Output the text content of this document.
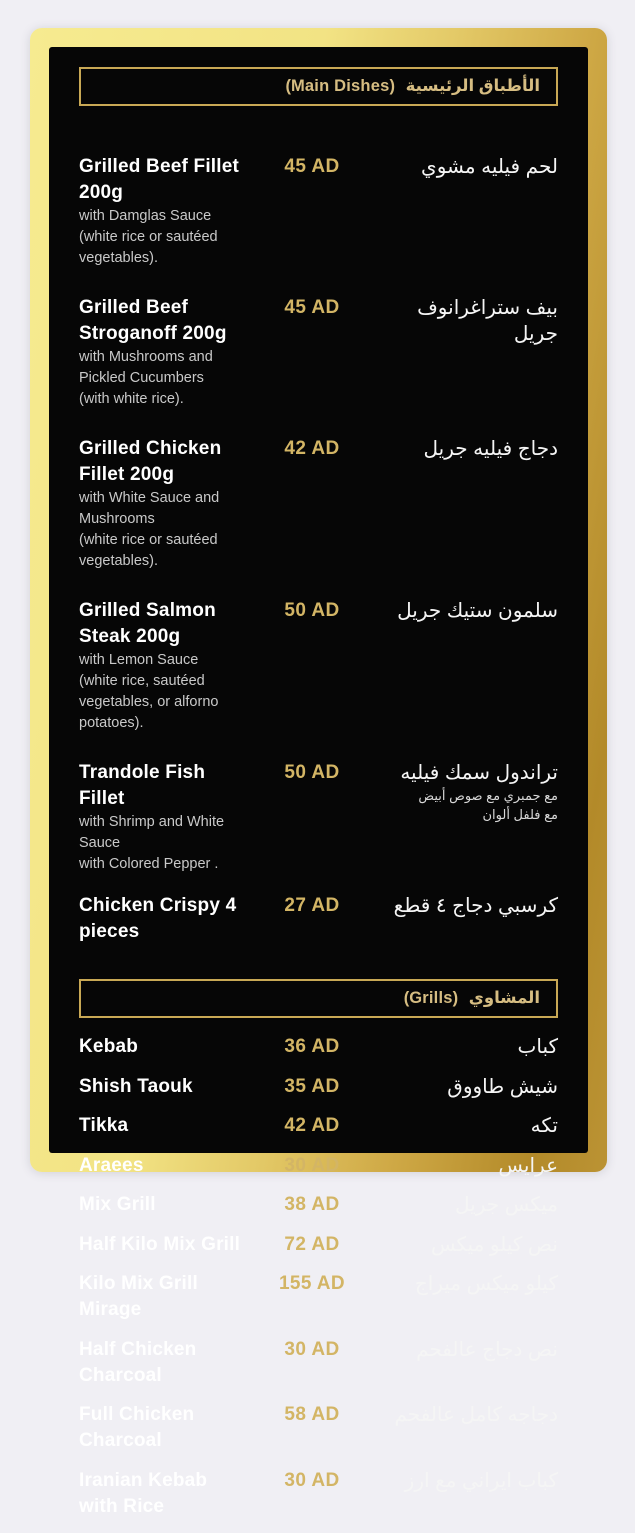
الأطباق الرئيسية (Main Dishes)
Grilled Beef Fillet 200g
with Damglas Sauce
(white rice or sautéed vegetables).
45 AD	لحم فيليه مشوي
Grilled Beef Stroganoff 200g
with Mushrooms and Pickled Cucumbers
(with white rice).
45 AD	بيف ستراغرانوف جريل
Grilled Chicken Fillet 200g
with White Sauce and Mushrooms
(white rice or sautéed vegetables).
42 AD	دجاج فيليه جريل
Grilled Salmon Steak 200g
with Lemon Sauce
(white rice, sautéed vegetables, or alforno potatoes).
50 AD	سلمون ستيك جريل
Trandole Fish Fillet
with Shrimp and White Sauce
with Colored Pepper .
50 AD	تراندول سمك فيليه
مع جمبري مع صوص أبيض
مع فلفل ألوان
Chicken Crispy 4 pieces
27 AD	كرسبي دجاج ٤ قطع
المشاوي (Grills)
Kebab	36 AD	كباب
Shish Taouk	35 AD	شيش طاووق
Tikka	42 AD	تكه
Araees	30 AD	عرايس
Mix Grill	38 AD	ميكس جريل
Half Kilo Mix Grill	72 AD	نص كيلو ميكس
Kilo Mix Grill Mirage
155 AD	كيلو ميكس ميراج
Half Chicken Charcoal
30 AD	نص دجاج عالفحم
Full Chicken Charcoal
58 AD	دجاجه كامل عالفحم
Iranian Kebab with Rice
30 AD	كباب ايراني مع ارز
